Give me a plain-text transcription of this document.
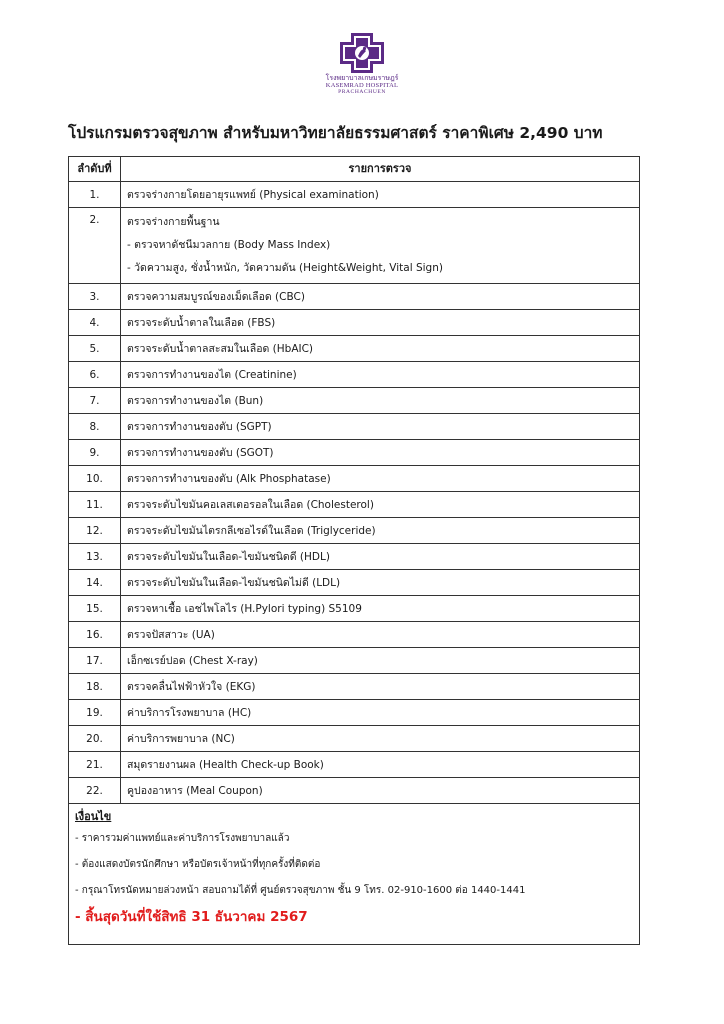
โรงพยาบาลเกษมราษฎร์
KASEMRAD HOSPITAL
PRACHACHUEN
โปรแกรมตรวจสุขภาพ สำหรับมหาวิทยาลัยธรรมศาสตร์ ราคาพิเศษ 2,490 บาท
ลำดับที่	รายการตรวจ
1.	ตรวจร่างกายโดยอายุรแพทย์ (Physical examination)
2.	ตรวจร่างกายพื้นฐาน
- ตรวจหาดัชนีมวลกาย (Body Mass Index)
- วัดความสูง, ชั่งน้ำหนัก, วัดความดัน (Height&Weight, Vital Sign)

3.	ตรวจความสมบูรณ์ของเม็ดเลือด (CBC)
4.	ตรวจระดับน้ำตาลในเลือด (FBS)
5.	ตรวจระดับน้ำตาลสะสมในเลือด (HbAIC)
6.	ตรวจการทำงานของไต (Creatinine)
7.	ตรวจการทำงานของไต (Bun)
8.	ตรวจการทำงานของตับ (SGPT)
9.	ตรวจการทำงานของตับ (SGOT)
10.	ตรวจการทำงานของตับ (Alk Phosphatase)
11.	ตรวจระดับไขมันคอเลสเตอรอลในเลือด (Cholesterol)
12.	ตรวจระดับไขมันไตรกลีเซอไรด์ในเลือด (Triglyceride)
13.	ตรวจระดับไขมันในเลือด-ไขมันชนิดดี (HDL)
14.	ตรวจระดับไขมันในเลือด-ไขมันชนิดไม่ดี (LDL)
15.	ตรวจหาเชื้อ เอชไพโลไร (H.Pylori typing) S5109
16.	ตรวจปัสสาวะ (UA)
17.	เอ็กซเรย์ปอด (Chest X-ray)
18.	ตรวจคลื่นไฟฟ้าหัวใจ (EKG)
19.	ค่าบริการโรงพยาบาล (HC)
20.	ค่าบริการพยาบาล (NC)
21.	สมุดรายงานผล (Health Check-up Book)
22.	คูปองอาหาร (Meal Coupon)

เงื่อนไข
- ราคารวมค่าแพทย์และค่าบริการโรงพยาบาลแล้ว
- ต้องแสดงบัตรนักศึกษา หรือบัตรเจ้าหน้าที่ทุกครั้งที่ติดต่อ
- กรุณาโทรนัดหมายล่วงหน้า สอบถามได้ที่ ศูนย์ตรวจสุขภาพ ชั้น 9 โทร. 02-910-1600 ต่อ 1440-1441
- สิ้นสุดวันที่ใช้สิทธิ 31 ธันวาคม 2567	
